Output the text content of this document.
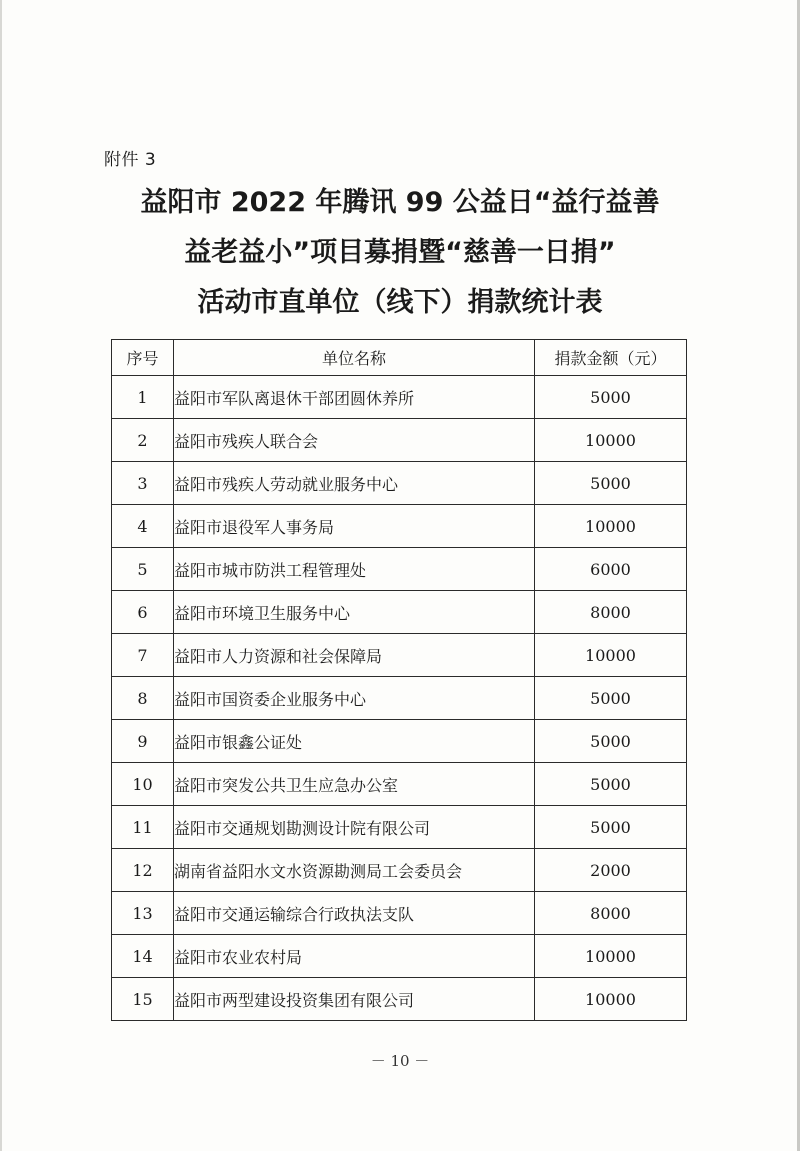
附件 3
益阳市 2022 年腾讯 99 公益日“益行益善
益老益小”项目募捐暨“慈善一日捐”
活动市直单位（线下）捐款统计表
序号	单位名称	捐款金额（元）
1	益阳市军队离退休干部团圆休养所	5000
2	益阳市残疾人联合会	10000
3	益阳市残疾人劳动就业服务中心	5000
4	益阳市退役军人事务局	10000
5	益阳市城市防洪工程管理处	6000
6	益阳市环境卫生服务中心	8000
7	益阳市人力资源和社会保障局	10000
8	益阳市国资委企业服务中心	5000
9	益阳市银鑫公证处	5000
10	益阳市突发公共卫生应急办公室	5000
11	益阳市交通规划勘测设计院有限公司	5000
12	湖南省益阳水文水资源勘测局工会委员会	2000
13	益阳市交通运输综合行政执法支队	8000
14	益阳市农业农村局	10000
15	益阳市两型建设投资集团有限公司	10000
－ 10 －
